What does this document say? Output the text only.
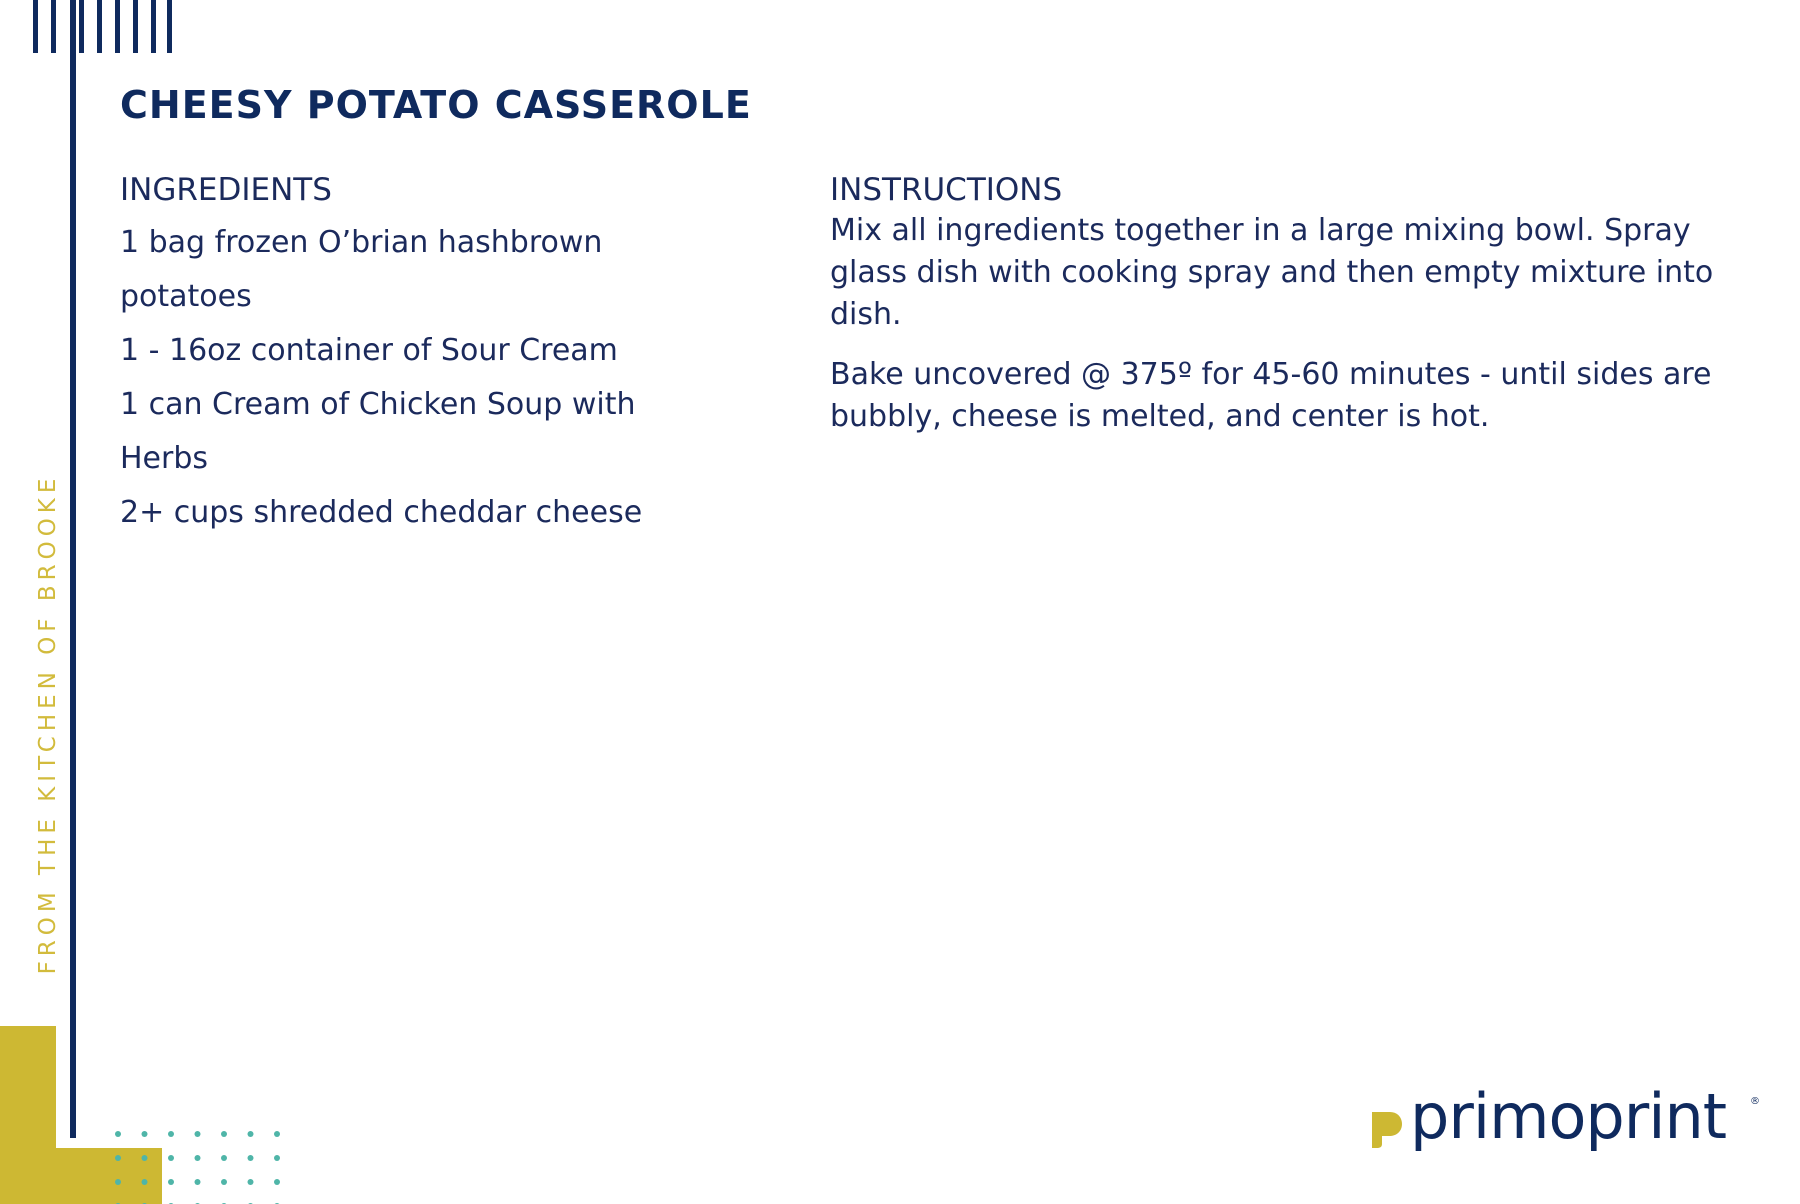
FROM THE KITCHEN OF BROOKE
CHEESY POTATO CASSEROLE
INGREDIENTS
1 bag frozen O’brian hashbrown
potatoes
1 - 16oz container of Sour Cream
1 can Cream of Chicken Soup with
Herbs
2+ cups shredded cheddar cheese
INSTRUCTIONS

Mix all ingredients together in a large mixing bowl. Spray glass dish with cooking spray and then empty mixture into dish.

Bake uncovered @ 375º for 45-60 minutes - until sides are bubbly, cheese is melted, and center is hot.

primoprint ®
